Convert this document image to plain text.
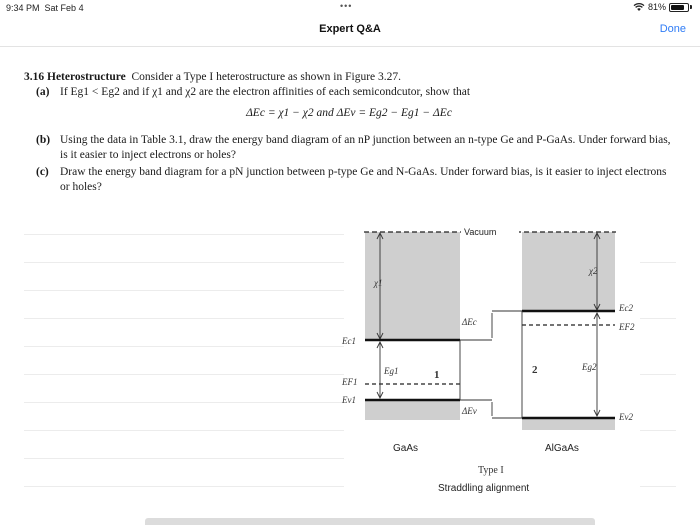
9:34 PM Sat Feb 4	•••	81%
Expert Q&A	Done
3.16 Heterostructure Consider a Type I heterostructure as shown in Figure 3.27.
(a) If Eg1 < Eg2 and if χ1 and χ2 are the electron affinities of each semicondcutor, show that
ΔEc = χ1 − χ2 and ΔEv = Eg2 − Eg1 − ΔEc
(b) Using the data in Table 3.1, draw the energy band diagram of an nP junction between an n-type Ge and P-GaAs. Under forward bias, is it easier to inject electrons or holes?
(c) Draw the energy band diagram for a pN junction between p-type Ge and N-GaAs. Under forward bias, is it easier to inject electrons or holes?
Vacuum
χ1
χ2
Eg1
Ec1
EF1
Ev1
1
Eg2
Ec2
EF2
Ev2
2
ΔEc
ΔEv
GaAs	AlGaAs
Type I
Straddling alignment
